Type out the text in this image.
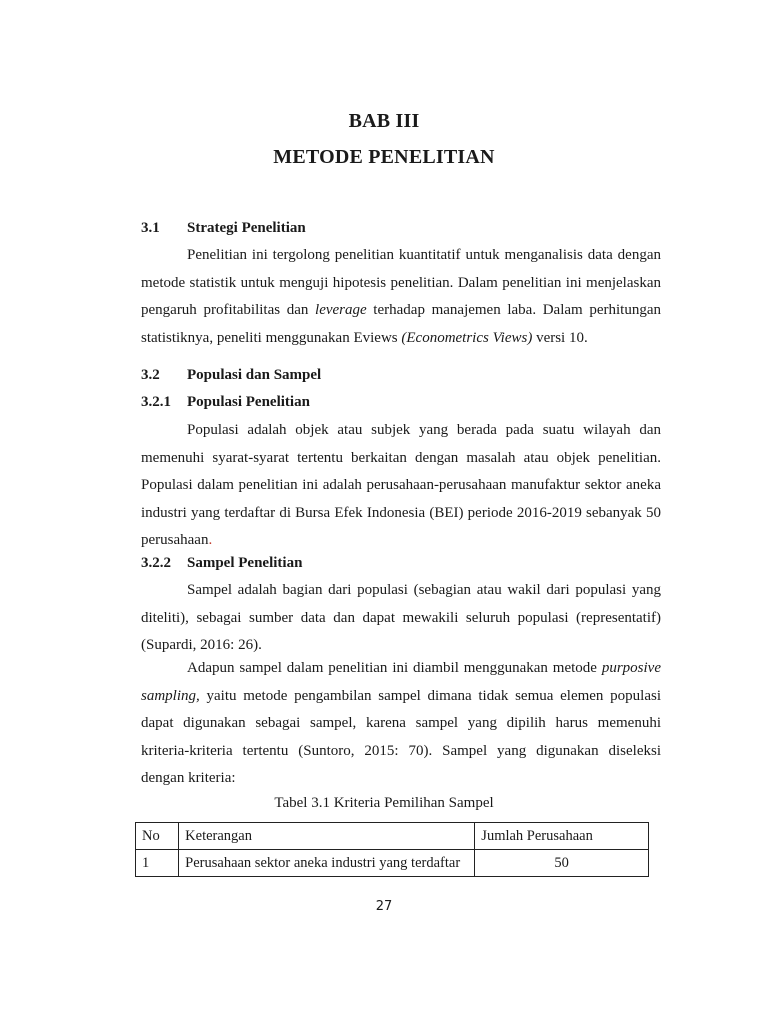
BAB III
METODE PENELITIAN
3.1 Strategi Penelitian
Penelitian ini tergolong penelitian kuantitatif untuk menganalisis data dengan
metode statistik untuk menguji hipotesis penelitian. Dalam penelitian ini menjelaskan
pengaruh profitabilitas dan leverage terhadap manajemen laba. Dalam perhitungan
statistiknya, peneliti menggunakan Eviews (Econometrics Views) versi 10.
3.2 Populasi dan Sampel
3.2.1 Populasi Penelitian
Populasi adalah objek atau subjek yang berada pada suatu wilayah dan
memenuhi syarat-syarat tertentu berkaitan dengan masalah atau objek penelitian.
Populasi dalam penelitian ini adalah perusahaan-perusahaan manufaktur sektor aneka
industri yang terdaftar di Bursa Efek Indonesia (BEI) periode 2016-2019 sebanyak 50
perusahaan.
3.2.2 Sampel Penelitian
Sampel adalah bagian dari populasi (sebagian atau wakil dari populasi yang
diteliti), sebagai sumber data dan dapat mewakili seluruh populasi (representatif)
(Supardi, 2016: 26).
Adapun sampel dalam penelitian ini diambil menggunakan metode purposive
sampling, yaitu metode pengambilan sampel dimana tidak semua elemen populasi
dapat digunakan sebagai sampel, karena sampel yang dipilih harus memenuhi
kriteria-kriteria tertentu (Suntoro, 2015: 70). Sampel yang digunakan diseleksi
dengan kriteria:
Tabel 3.1 Kriteria Pemilihan Sampel
No	Keterangan	Jumlah Perusahaan
1	Perusahaan sektor aneka industri yang terdaftar	50
27
